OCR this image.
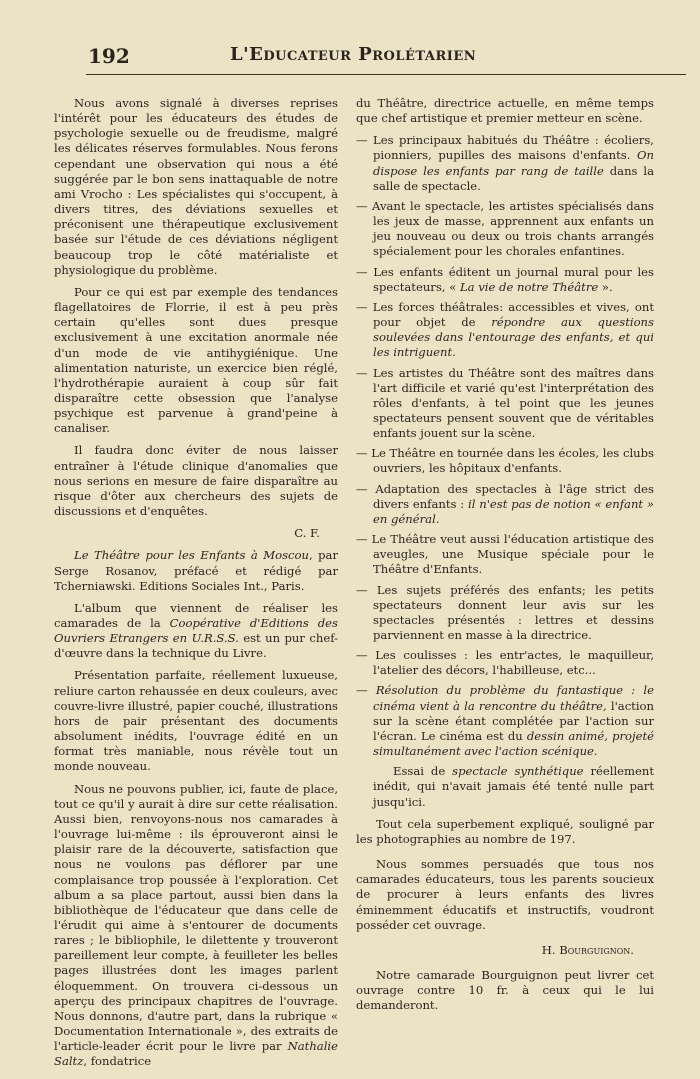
192	L'Educateur Prolétarien

Nous avons signalé à diverses reprises l'intérêt pour les éducateurs des études de psychologie sexuelle ou de freudisme, malgré les délicates réserves formulables. Nous ferons cependant une observation qui nous a été suggérée par le bon sens inattaquable de notre ami Vrocho : Les spécialistes qui s'occupent, à divers titres, des déviations sexuelles et préconisent une thérapeutique exclusivement basée sur l'étude de ces déviations négligent beaucoup trop le côté matérialiste et physiologique du problème.

Pour ce qui est par exemple des tendances flagellatoires de Florrie, il est à peu près certain qu'elles sont dues presque exclusivement à une excitation anormale née d'un mode de vie antihygiénique. Une alimentation naturiste, un exercice bien réglé, l'hydrothérapie auraient à coup sûr fait disparaître cette obsession que l'analyse psychique est parvenue à grand'peine à canaliser.

Il faudra donc éviter de nous laisser entraîner à l'étude clinique d'anomalies que nous serions en mesure de faire disparaître au risque d'ôter aux chercheurs des sujets de discussions et d'enquêtes.

C. F.

Le Théâtre pour les Enfants à Moscou, par Serge Rosanov, préfacé et rédigé par Tcherniawski. Editions Sociales Int., Paris.

L'album que viennent de réaliser les camarades de la Coopérative d'Editions des Ouvriers Etrangers en U.R.S.S. est un pur chef-d'œuvre dans la technique du Livre.

Présentation parfaite, réellement luxueuse, reliure carton rehaussée en deux couleurs, avec couvre-livre illustré, papier couché, illustrations hors de pair présentant des documents absolument inédits, l'ouvrage édité en un format très maniable, nous révèle tout un monde nouveau.

Nous ne pouvons publier, ici, faute de place, tout ce qu'il y aurait à dire sur cette réalisation. Aussi bien, renvoyons-nous nos camarades à l'ouvrage lui-même : ils éprouveront ainsi le plaisir rare de la découverte, satisfaction que nous ne voulons pas déflorer par une complaisance trop poussée à l'exploration. Cet album a sa place partout, aussi bien dans la bibliothèque de l'éducateur que dans celle de l'érudit qui aime à s'entourer de documents rares ; le bibliophile, le dilettente y trouveront pareillement leur compte, à feuilleter les belles pages illustrées dont les images parlent éloquemment. On trouvera ci-dessous un aperçu des principaux chapitres de l'ouvrage. Nous donnons, d'autre part, dans la rubrique « Documentation Internationale », des extraits de l'article-leader écrit pour le livre par Nathalie Saltz, fondatrice

du Théâtre, directrice actuelle, en même temps que chef artistique et premier metteur en scène.

— Les principaux habitués du Théâtre : écoliers, pionniers, pupilles des maisons d'enfants. On dispose les enfants par rang de taille dans la salle de spectacle.

— Avant le spectacle, les artistes spécialisés dans les jeux de masse, apprennent aux enfants un jeu nouveau ou deux ou trois chants arrangés spécialement pour les chorales enfantines.

— Les enfants éditent un journal mural pour les spectateurs, « La vie de notre Théâtre ».

— Les forces théâtrales: accessibles et vives, ont pour objet de répondre aux questions soulevées dans l'entourage des enfants, et qui les intriguent.

— Les artistes du Théâtre sont des maîtres dans l'art difficile et varié qu'est l'interprétation des rôles d'enfants, à tel point que les jeunes spectateurs pensent souvent que de véritables enfants jouent sur la scène.

— Le Théâtre en tournée dans les écoles, les clubs ouvriers, les hôpitaux d'enfants.

— Adaptation des spectacles à l'âge strict des divers enfants : il n'est pas de notion « enfant » en général.

— Le Théâtre veut aussi l'éducation artistique des aveugles, une Musique spéciale pour le Théâtre d'Enfants.

— Les sujets préférés des enfants; les petits spectateurs donnent leur avis sur les spectacles présentés : lettres et dessins parviennent en masse à la directrice.

— Les coulisses : les entr'actes, le maquilleur, l'atelier des décors, l'habilleuse, etc...

— Résolution du problème du fantastique : le cinéma vient à la rencontre du théâtre, l'action sur la scène étant complétée par l'action sur l'écran. Le cinéma est du dessin animé, projeté simultanément avec l'action scénique.

Essai de spectacle synthétique réellement inédit, qui n'avait jamais été tenté nulle part jusqu'ici.

Tout cela superbement expliqué, souligné par les photographies au nombre de 197.

Nous sommes persuadés que tous nos camarades éducateurs, tous les parents soucieux de procurer à leurs enfants des livres éminemment éducatifs et instructifs, voudront posséder cet ouvrage.

H. Bourguignon.

Notre camarade Bourguignon peut livrer cet ouvrage contre 10 fr. à ceux qui le lui demanderont.
